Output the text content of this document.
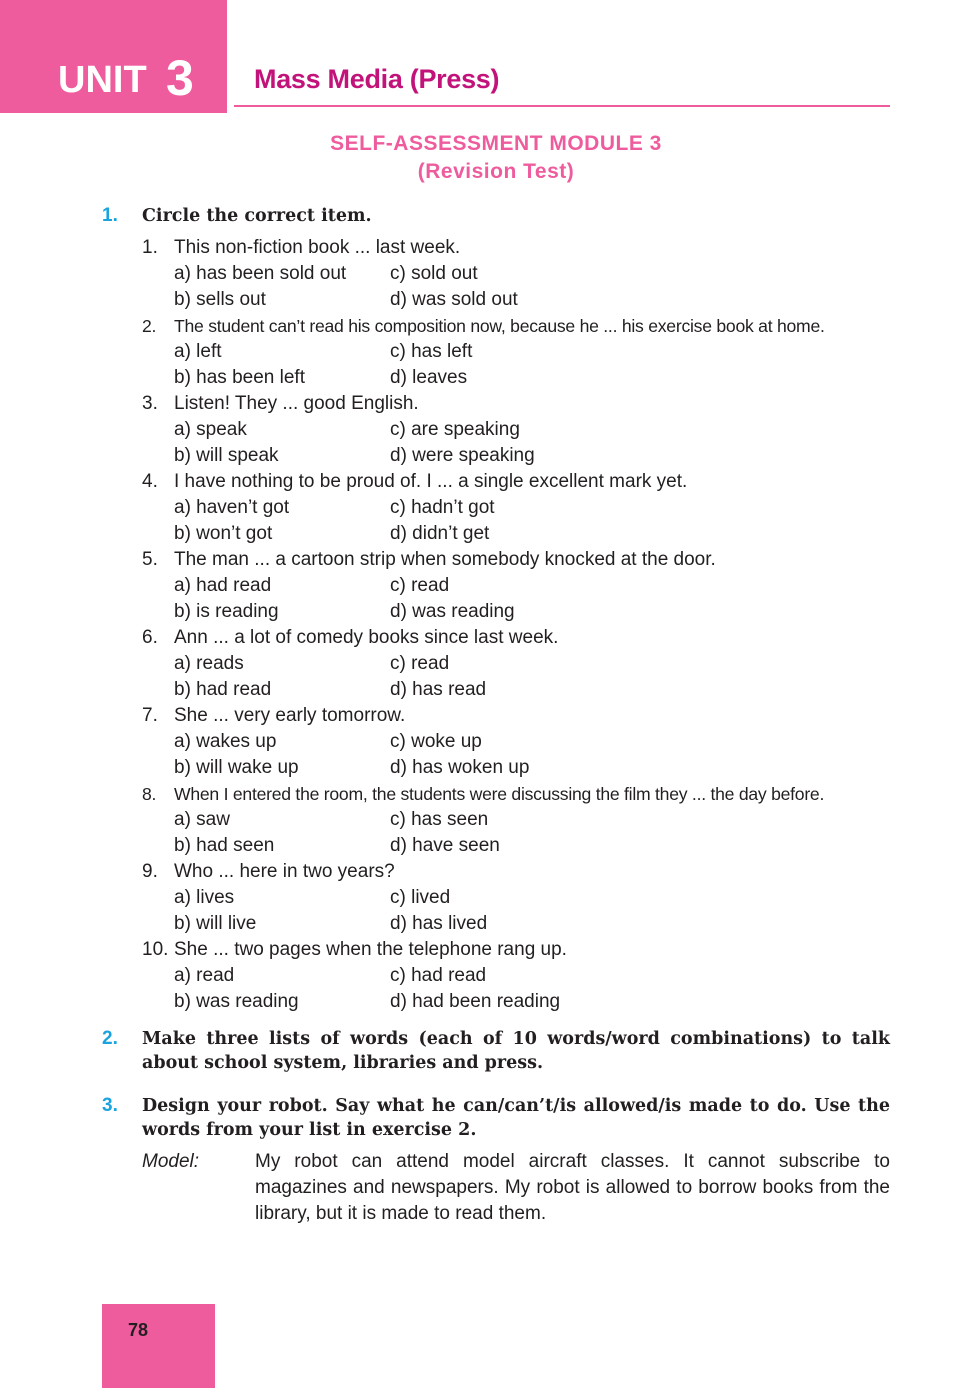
UNIT 3 Mass Media (Press)
SELF-ASSESSMENT MODULE 3
(Revision Test)
1. Circle the correct item.
1. This non-fiction book ... last week.
a) has been sold out c) sold out
b) sells out	d) was sold out
2. The student can’t read his composition now, because he ... his exercise book at home.
a) left	c) has left
b) has been left	d) leaves
3. Listen! They ... good English.
a) speak	c) are speaking
b) will speak	d) were speaking
4. I have nothing to be proud of. I ... a single excellent mark yet.
a) haven’t got	c) hadn’t got
b) won’t got	d) didn’t get
5. The man ... a cartoon strip when somebody knocked at the door.
a) had read	c) read
b) is reading	d) was reading
6. Ann ... a lot of comedy books since last week.
a) reads	c) read
b) had read	d) has read
7. She ... very early tomorrow.
a) wakes up	c) woke up
b) will wake up	d) has woken up
8. When I entered the room, the students were discussing the film they ... the day before.
a) saw	c) has seen
b) had seen	d) have seen
9. Who ... here in two years?
a) lives	c) lived
b) will live	d) has lived
10. She ... two pages when the telephone rang up.
a) read	c) had read
b) was reading	d) had been reading
2. Make three lists of words (each of 10 words/word combinations) to talk about school system, libraries and press.
3. Design your robot. Say what he can/can’t/is allowed/is made to do. Use the words from your list in exercise 2.
Model:	My robot can attend model aircraft classes. It cannot subscribe to magazines and newspapers. My robot is allowed to borrow books from the library, but it is made to read them.
78
